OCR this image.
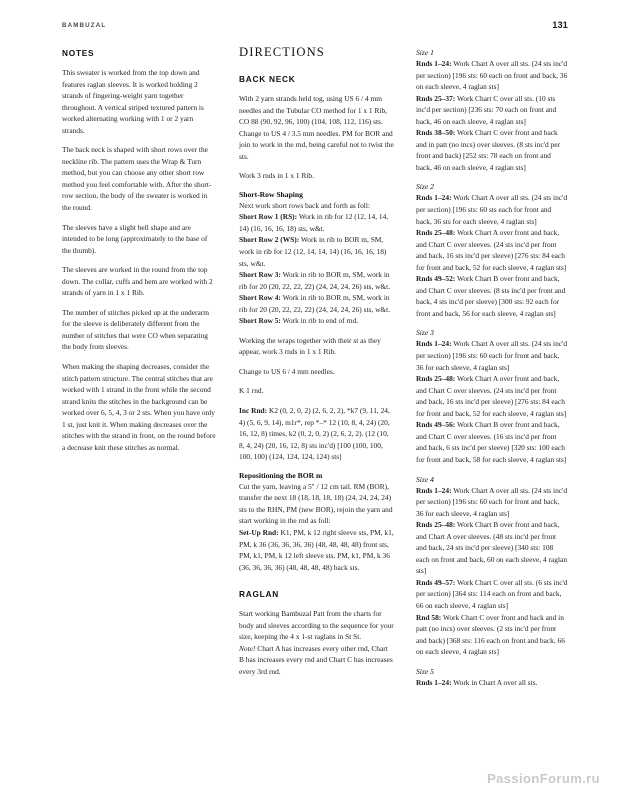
BAMBUZAL	131
NOTES

This sweater is worked from the top down and features raglan sleeves. It is worked holding 2 strands of fingering-weight yarn together throughout. A vertical striped textured pattern is worked alternating working with 1 or 2 yarn strands.

The back neck is shaped with short rows over the neckline rib. The pattern uses the Wrap & Turn method, but you can choose any other short row method you feel comfortable with. After the short-row section, the body of the sweater is worked in the round.

The sleeves have a slight bell shape and are intended to be long (approximately to the base of the thumb).

The sleeves are worked in the round from the top down. The collar, cuffs and hem are worked with 2 strands of yarn in 1 x 1 Rib.

The number of stitches picked up at the underarm for the sleeve is deliberately different from the number of stitches that were CO when separating the body from sleeves.

When making the shaping decreases, consider the stitch pattern structure. The central stitches that are worked with 1 strand in the front while the second strand knits the stitches in the background can be worked over 6, 5, 4, 3 or 2 sts. When you have only 1 st, just knit it. When making decreases over the stitches with the strand in front, on the round before a decrease knit these stitches as normal.

DIRECTIONS
BACK NECK

With 2 yarn strands held tog, using US 6 / 4 mm needles and the Tubular CO method for 1 x 1 Rib, CO 88 (90, 92, 96, 100) (104, 108, 112, 116) sts. Change to US 4 / 3.5 mm needles. PM for BOR and join to work in the rnd, being careful not to twist the sts.

Work 3 rnds in 1 x 1 Rib.

Short-Row Shaping

Next work short rows back and forth as foll:

Short Row 1 (RS): Work in rib for 12 (12, 14, 14, 14) (16, 16, 16, 18) sts, w&t.

Short Row 2 (WS): Work in rib to BOR m, SM, work in rib for 12 (12, 14, 14, 14) (16, 16, 16, 18) sts, w&t.

Short Row 3: Work in rib to BOR m, SM, work in rib for 20 (20, 22, 22, 22) (24, 24, 24, 26) sts, w&t.

Short Row 4: Work in rib to BOR m, SM, work in rib for 20 (20, 22, 22, 22) (24, 24, 24, 26) sts, w&t.

Short Row 5: Work in rib to end of rnd.

Working the wraps together with their st as they appear, work 3 rnds in 1 x 1 Rib.

Change to US 6 / 4 mm needles.

K 1 rnd.

Inc Rnd: K2 (0, 2, 0, 2) (2, 6, 2, 2), *k7 (9, 11, 24, 4) (5, 6, 9, 14), m1r*, rep *–* 12 (10, 8, 4, 24) (20, 16, 12, 8) times, k2 (0, 2, 0, 2) (2, 6, 2, 2). (12 (10, 8, 4, 24) (20, 16, 12, 8) sts inc'd) [100 (100, 100, 100, 100) (124, 124, 124, 124) sts]

Repositioning the BOR m

Cut the yarn, leaving a 5" / 12 cm tail. RM (BOR), transfer the next 18 (18, 18, 18, 18) (24, 24, 24, 24) sts to the RHN, PM (new BOR), rejoin the yarn and start working in the rnd as foll:

Set-Up Rnd: K1, PM, k 12 right sleeve sts, PM, k1, PM, k 36 (36, 36, 36, 36) (48, 48, 48, 48) front sts, PM, k1, PM, k 12 left sleeve sts, PM, k1, PM, k 36 (36, 36, 36, 36) (48, 48, 48, 48) back sts.

RAGLAN

Start working Bambuzal Patt from the charts for body and sleeves according to the sequence for your size, keeping the 4 x 1-st raglans in St St.

Note! Chart A has increases every other rnd, Chart B has increases every rnd and Chart C has increases every 3rd rnd.

Size 1

Rnds 1–24: Work Chart A over all sts. (24 sts inc'd per section) [196 sts: 60 each on front and back, 36 on each sleeve, 4 raglan sts]

Rnds 25–37: Work Chart C over all sts. (10 sts inc'd per section) [236 sts: 70 each on front and back, 46 on each sleeve, 4 raglan sts]

Rnds 38–50: Work Chart C over front and back and in patt (no incs) over sleeves. (8 sts inc'd per front and back) [252 sts: 78 each on front and back, 46 on each sleeve, 4 raglan sts]

Size 2

Rnds 1–24: Work Chart A over all sts. (24 sts inc'd per section) [196 sts: 60 sts each for front and back, 36 sts for each sleeve, 4 raglan sts]

Rnds 25–48: Work Chart A over front and back, and Chart C over sleeves. (24 sts inc'd per front and back, 16 sts inc'd per sleeve) [276 sts: 84 each for front and back, 52 for each sleeve, 4 raglan sts]

Rnds 49–52: Work Chart B over front and back, and Chart C over sleeves. (8 sts inc'd per front and back, 4 sts inc'd per sleeve) [300 sts: 92 each for front and back, 56 for each sleeve, 4 raglan sts]

Size 3

Rnds 1–24: Work Chart A over all sts. (24 sts inc'd per section) [196 sts: 60 each for front and back, 36 for each sleeve, 4 raglan sts]

Rnds 25–48: Work Chart A over front and back, and Chart C over sleeves. (24 sts inc'd per front and back, 16 sts inc'd per sleeve) [276 sts: 84 each for front and back, 52 for each sleeve, 4 raglan sts]

Rnds 49–56: Work Chart B over front and back, and Chart C over sleeves. (16 sts inc'd per front and back, 6 sts inc'd per sleeve) [320 sts: 100 each for front and back, 58 for each sleeve, 4 raglan sts]

Size 4

Rnds 1–24: Work Chart A over all sts. (24 sts inc'd per section) [196 sts: 60 each for front and back, 36 for each sleeve, 4 raglan sts]

Rnds 25–48: Work Chart B over front and back, and Chart A over sleeves. (48 sts inc'd per front and back, 24 sts inc'd per sleeve) [340 sts: 108 each on front and back, 60 on each sleeve, 4 raglan sts]

Rnds 49–57: Work Chart C over all sts. (6 sts inc'd per section) [364 sts: 114 each on front and back, 66 on each sleeve, 4 raglan sts]

Rnd 58: Work Chart C over front and back and in patt (no incs) over sleeves. (2 sts inc'd per front and back) [368 sts: 116 each on front and back, 66 on each sleeve, 4 raglan sts]

Size 5

Rnds 1–24: Work in Chart A over all sts.

PassionForum.ru
